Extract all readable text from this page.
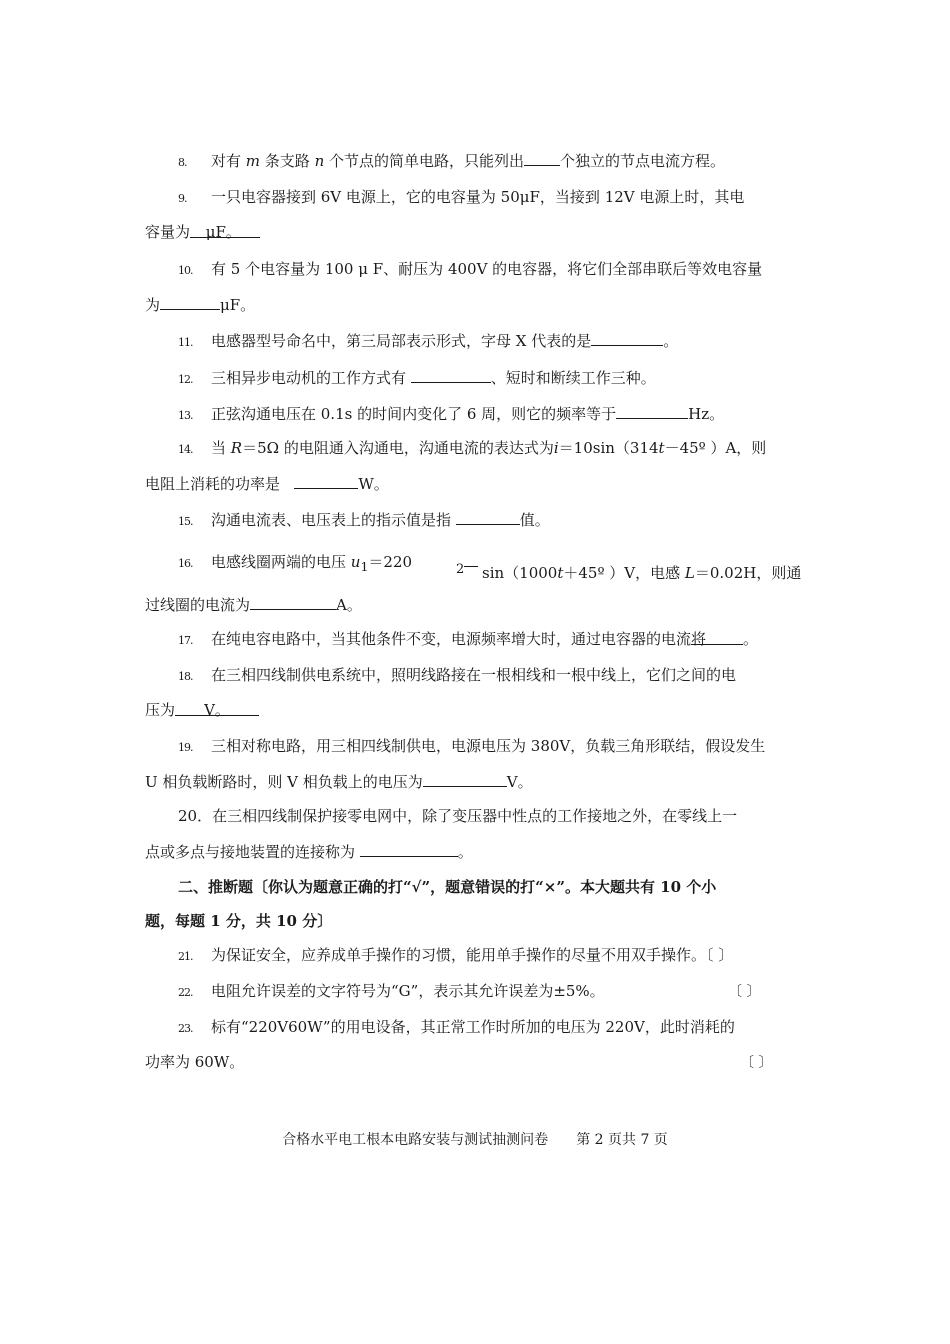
8. 对有 m 条支路 n 个节点的简单电路，只能列出 个独立的节点电流方程。
9. 一只电容器接到 6V 电源上，它的电容量为 50μF，当接到 12V 电源上时，其电
容量为 μF。
10. 有 5 个电容量为 100 μ F、耐压为 400V 的电容器，将它们全部串联后等效电容量
为	μF。
11. 电感器型号命名中，第三局部表示形式，字母 X 代表的是	。
12. 三相异步电动机的工作方式有	、短时和断续工作三种。
13. 正弦沟通电压在 0.1s 的时间内变化了 6 周，则它的频率等于	Hz。
14. 当 R＝5Ω 的电阻通入沟通电，沟通电流的表达式为i＝10sin（314t－45º ）A，则
电阻上消耗的功率是	W。
15. 沟通电流表、电压表上的指示值是指	值。
16. 电感线圈两端的电压 $u_1=220$	2	sin（1000t＋45º ）V，电感 L＝0.02H，则通
过线圈的电流为	A。
17. 在纯电容电路中，当其他条件不变，电源频率增大时，通过电容器的电流将 。
18. 在三相四线制供电系统中，照明线路接在一根相线和一根中线上，它们之间的电
压为 V。
19. 三相对称电路，用三相四线制供电，电源电压为 380V，负载三角形联结，假设发生
U 相负载断路时，则 V 相负载上的电压为	V。
20．在三相四线制保护接零电网中，除了变压器中性点的工作接地之外，在零线上一
点或多点与接地装置的连接称为	。
二、推断题〔你认为题意正确的打“√”，题意错误的打“×”。本大题共有 10 个小
题，每题 1 分，共 10 分〕
21. 为保证安全，应养成单手操作的习惯，能用单手操作的尽量不用双手操作。〔 〕
22. 电阻允许误差的文字符号为“G”，表示其允许误差为±5%。	〔 〕
23. 标有“220V60W”的用电设备，其正常工作时所加的电压为 220V，此时消耗的
功率为 60W。	〔 〕
合格水平电工根本电路安装与测试抽测问卷 第 2 页共 7 页
